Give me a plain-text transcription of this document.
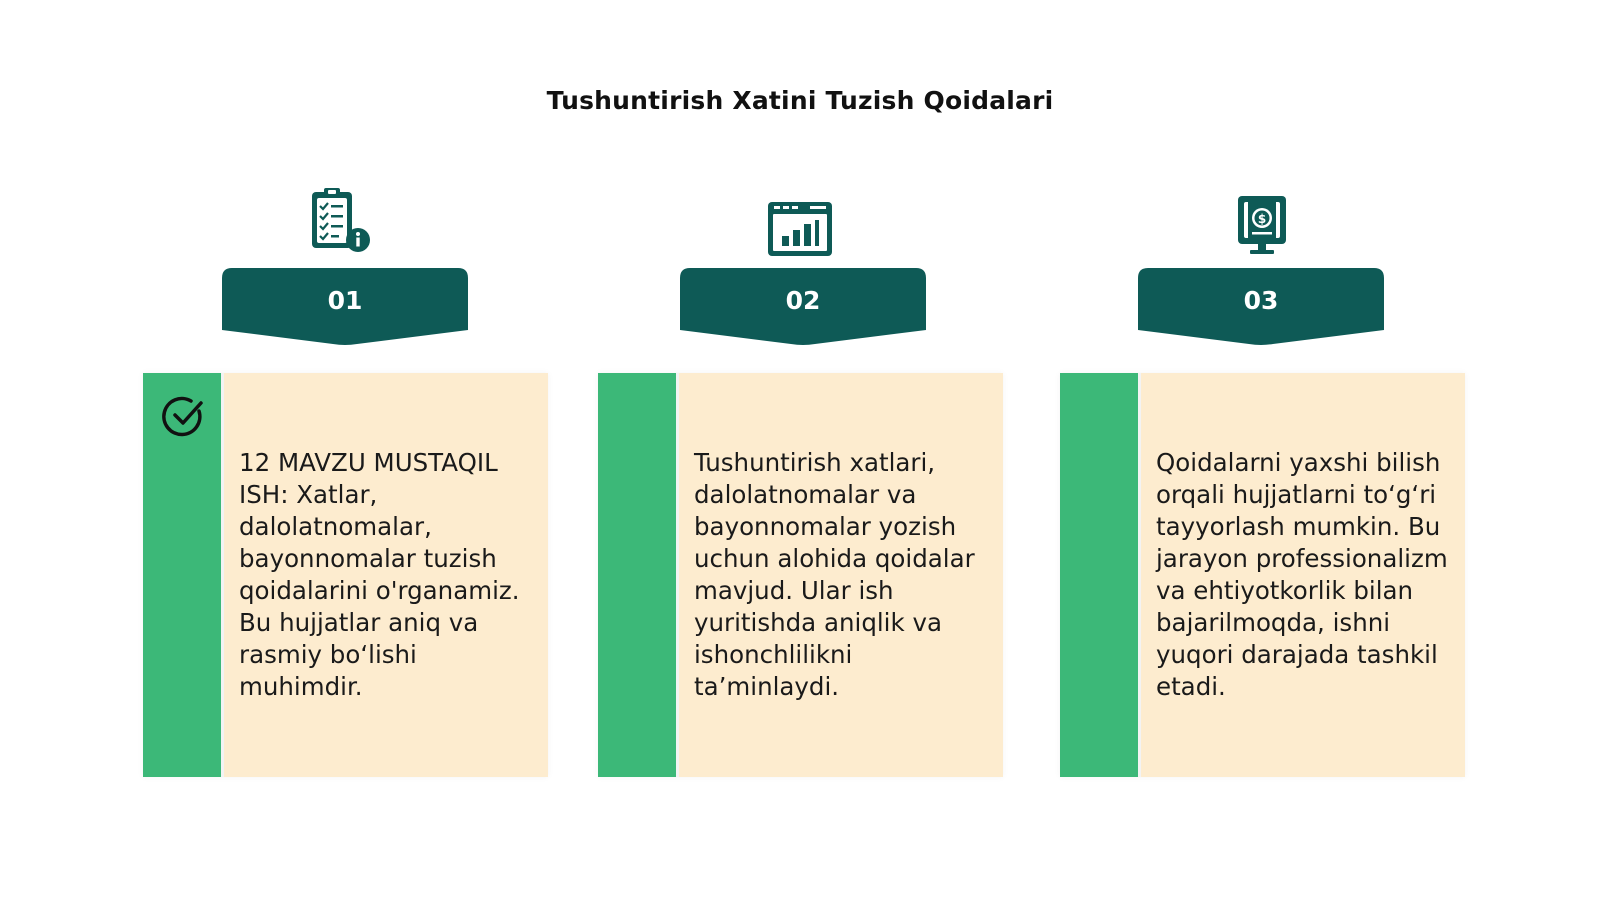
Tushuntirish Xatini Tuzish Qoidalari
01
12 MAVZU MUSTAQIL ISH: Xatlar, dalolatnomalar, bayonnomalar tuzish qoidalarini o'rganamiz. Bu hujjatlar aniq va rasmiy bo‘lishi muhimdir.
02
Tushuntirish xatlari, dalolatnomalar va bayonnomalar yozish uchun alohida qoidalar mavjud. Ular ish yuritishda aniqlik va ishonchlilikni ta’minlaydi.
$
03
Qoidalarni yaxshi bilish orqali hujjatlarni to‘g‘ri tayyorlash mumkin. Bu jarayon professionalizm va ehtiyotkorlik bilan bajarilmoqda, ishni yuqori darajada tashkil etadi.
